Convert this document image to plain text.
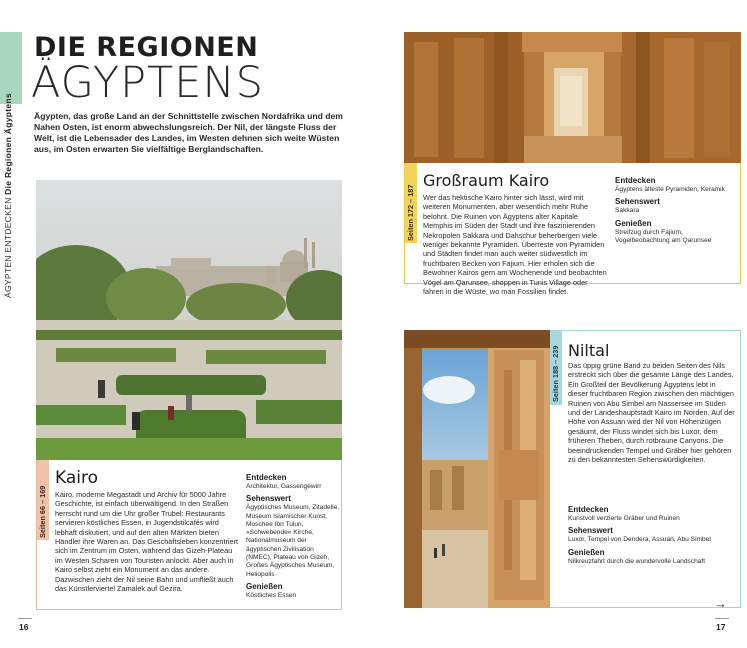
ÄGYPTEN ENTDECKEN Die Regionen Ägyptens
DIE REGIONEN
ÄGYPTENS

Ägypten, das große Land an der Schnittstelle zwischen Nordafrika und dem Nahen Osten, ist enorm abwechslungsreich. Der Nil, der längste Fluss der Welt, ist die Lebensader des Landes, im Westen dehnen sich weite Wüsten aus, im Osten erwarten Sie vielfältige Berglandschaften.

Seiten 66 – 169
Kairo

Kairo, moderne Megastadt und Archiv für 5000 Jahre Geschichte, ist einfach überwältigend. In den Straßen herrscht rund um die Uhr großer Trubel: Restaurants servieren köstliches Essen, in Jugendstilcafés wird lebhaft diskutiert, und auf den alten Märkten bieten Händler ihre Waren an. Das Geschäftsleben konzentriert sich im Zentrum im Osten, während das Gizeh-Plateau im Westen Scharen von Touristen anlockt. Aber auch in Kairo selbst zieht ein Monument an das andere. Dazwischen zieht der Nil seine Bahn und umfließt auch das Künstlerviertel Zamalek auf Gezira.

Entdecken
Architektur, Gassengewirr
Sehenswert
Ägyptisches Museum, Zitadelle, Museum Islamischer Kunst, Moschee Ibn Tulun, »Schwebende« Kirche, Nationalmuseum der ägyptischen Zivilisation (NMEC), Plateau von Gizeh, Großes Ägyptisches Museum, Heliopolis
Genießen
Köstliches Essen
16
Seiten 172 – 187
Großraum Kairo

Wer das hektische Kairo hinter sich lässt, wird mit weiteren Monumenten, aber wesentlich mehr Ruhe belohnt. Die Ruinen von Ägyptens alter Kapitale Memphis im Süden der Stadt und ihre faszinierenden Nekropolen Sakkara und Dahschur beherbergen viele weniger bekannte Pyramiden. Überreste von Pyramiden und Städten findet man auch weiter südwestlich im fruchtbaren Becken von Fajium. Hier erholen sich die Bewohner Kairos gern am Wochenende und beobachten Vögel am Qarunsee, shoppen in Tunis Village oder fahren in die Wüste, wo man Fossilien findet.

Entdecken
Ägyptens älteste Pyramiden, Keramik
Sehenswert
Sakkara
Genießen
Streifzug durch Fajium, Vogelbeobachtung am Qarunsee
Seiten 188 – 239 Niltal

Das üppig grüne Band zu beiden Seiten des Nils erstreckt sich über die gesamte Länge des Landes. Ein Großteil der Bevölkerung Ägyptens lebt in dieser fruchtbaren Region zwischen den mächtigen Ruinen von Abu Simbel am Nassersee im Süden und der Landeshauptstadt Kairo im Norden. Auf der Höhe von Assuan wird der Nil von Höhenzügen gesäumt, der Fluss windet sich bis Luxor, dem früheren Theben, durch rotbraune Canyons. Die beeindruckenden Tempel und Gräber hier gehören zu den bekanntesten Sehenswürdigkeiten.

Entdecken
Kunstvoll verzierte Gräber und Ruinen
Sehenswert
Luxor, Tempel von Dendera, Assuan, Abu Simbel
Genießen
Nilkreuzfahrt durch die wundervolle Landschaft
→
17
